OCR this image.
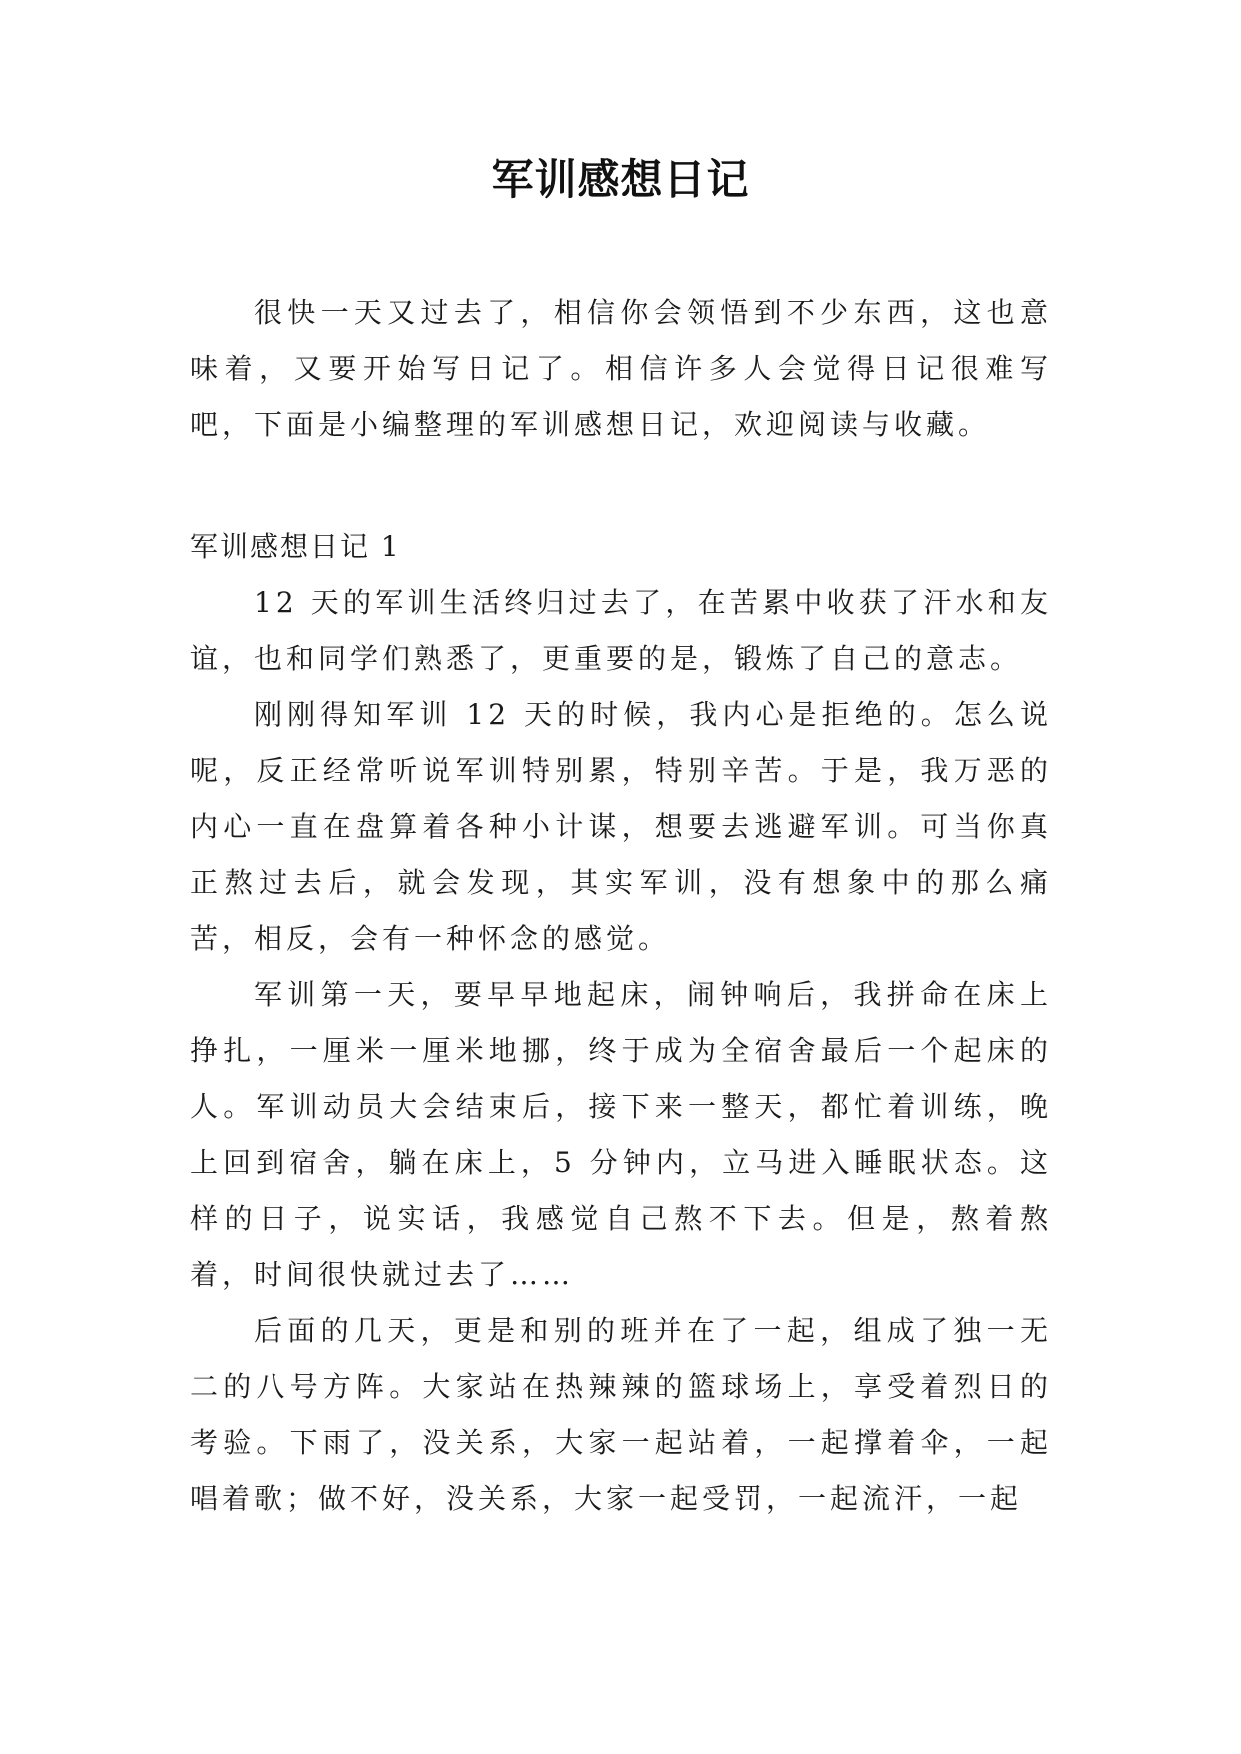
军训感想日记

很快一天又过去了，相信你会领悟到不少东西，这也意味着，又要开始写日记了。相信许多人会觉得日记很难写吧，下面是小编整理的军训感想日记，欢迎阅读与收藏。

军训感想日记 1

12 天的军训生活终归过去了，在苦累中收获了汗水和友谊，也和同学们熟悉了，更重要的是，锻炼了自己的意志。

刚刚得知军训 12 天的时候，我内心是拒绝的。怎么说呢，反正经常听说军训特别累，特别辛苦。于是，我万恶的内心一直在盘算着各种小计谋，想要去逃避军训。可当你真正熬过去后，就会发现，其实军训，没有想象中的那么痛苦，相反，会有一种怀念的感觉。

军训第一天，要早早地起床，闹钟响后，我拼命在床上挣扎，一厘米一厘米地挪，终于成为全宿舍最后一个起床的人。军训动员大会结束后，接下来一整天，都忙着训练，晚上回到宿舍，躺在床上，5 分钟内，立马进入睡眠状态。这样的日子，说实话，我感觉自己熬不下去。但是，熬着熬着，时间很快就过去了……

后面的几天，更是和别的班并在了一起，组成了独一无二的八号方阵。大家站在热辣辣的篮球场上，享受着烈日的考验。下雨了，没关系，大家一起站着，一起撑着伞，一起唱着歌；做不好，没关系，大家一起受罚，一起流汗，一起
